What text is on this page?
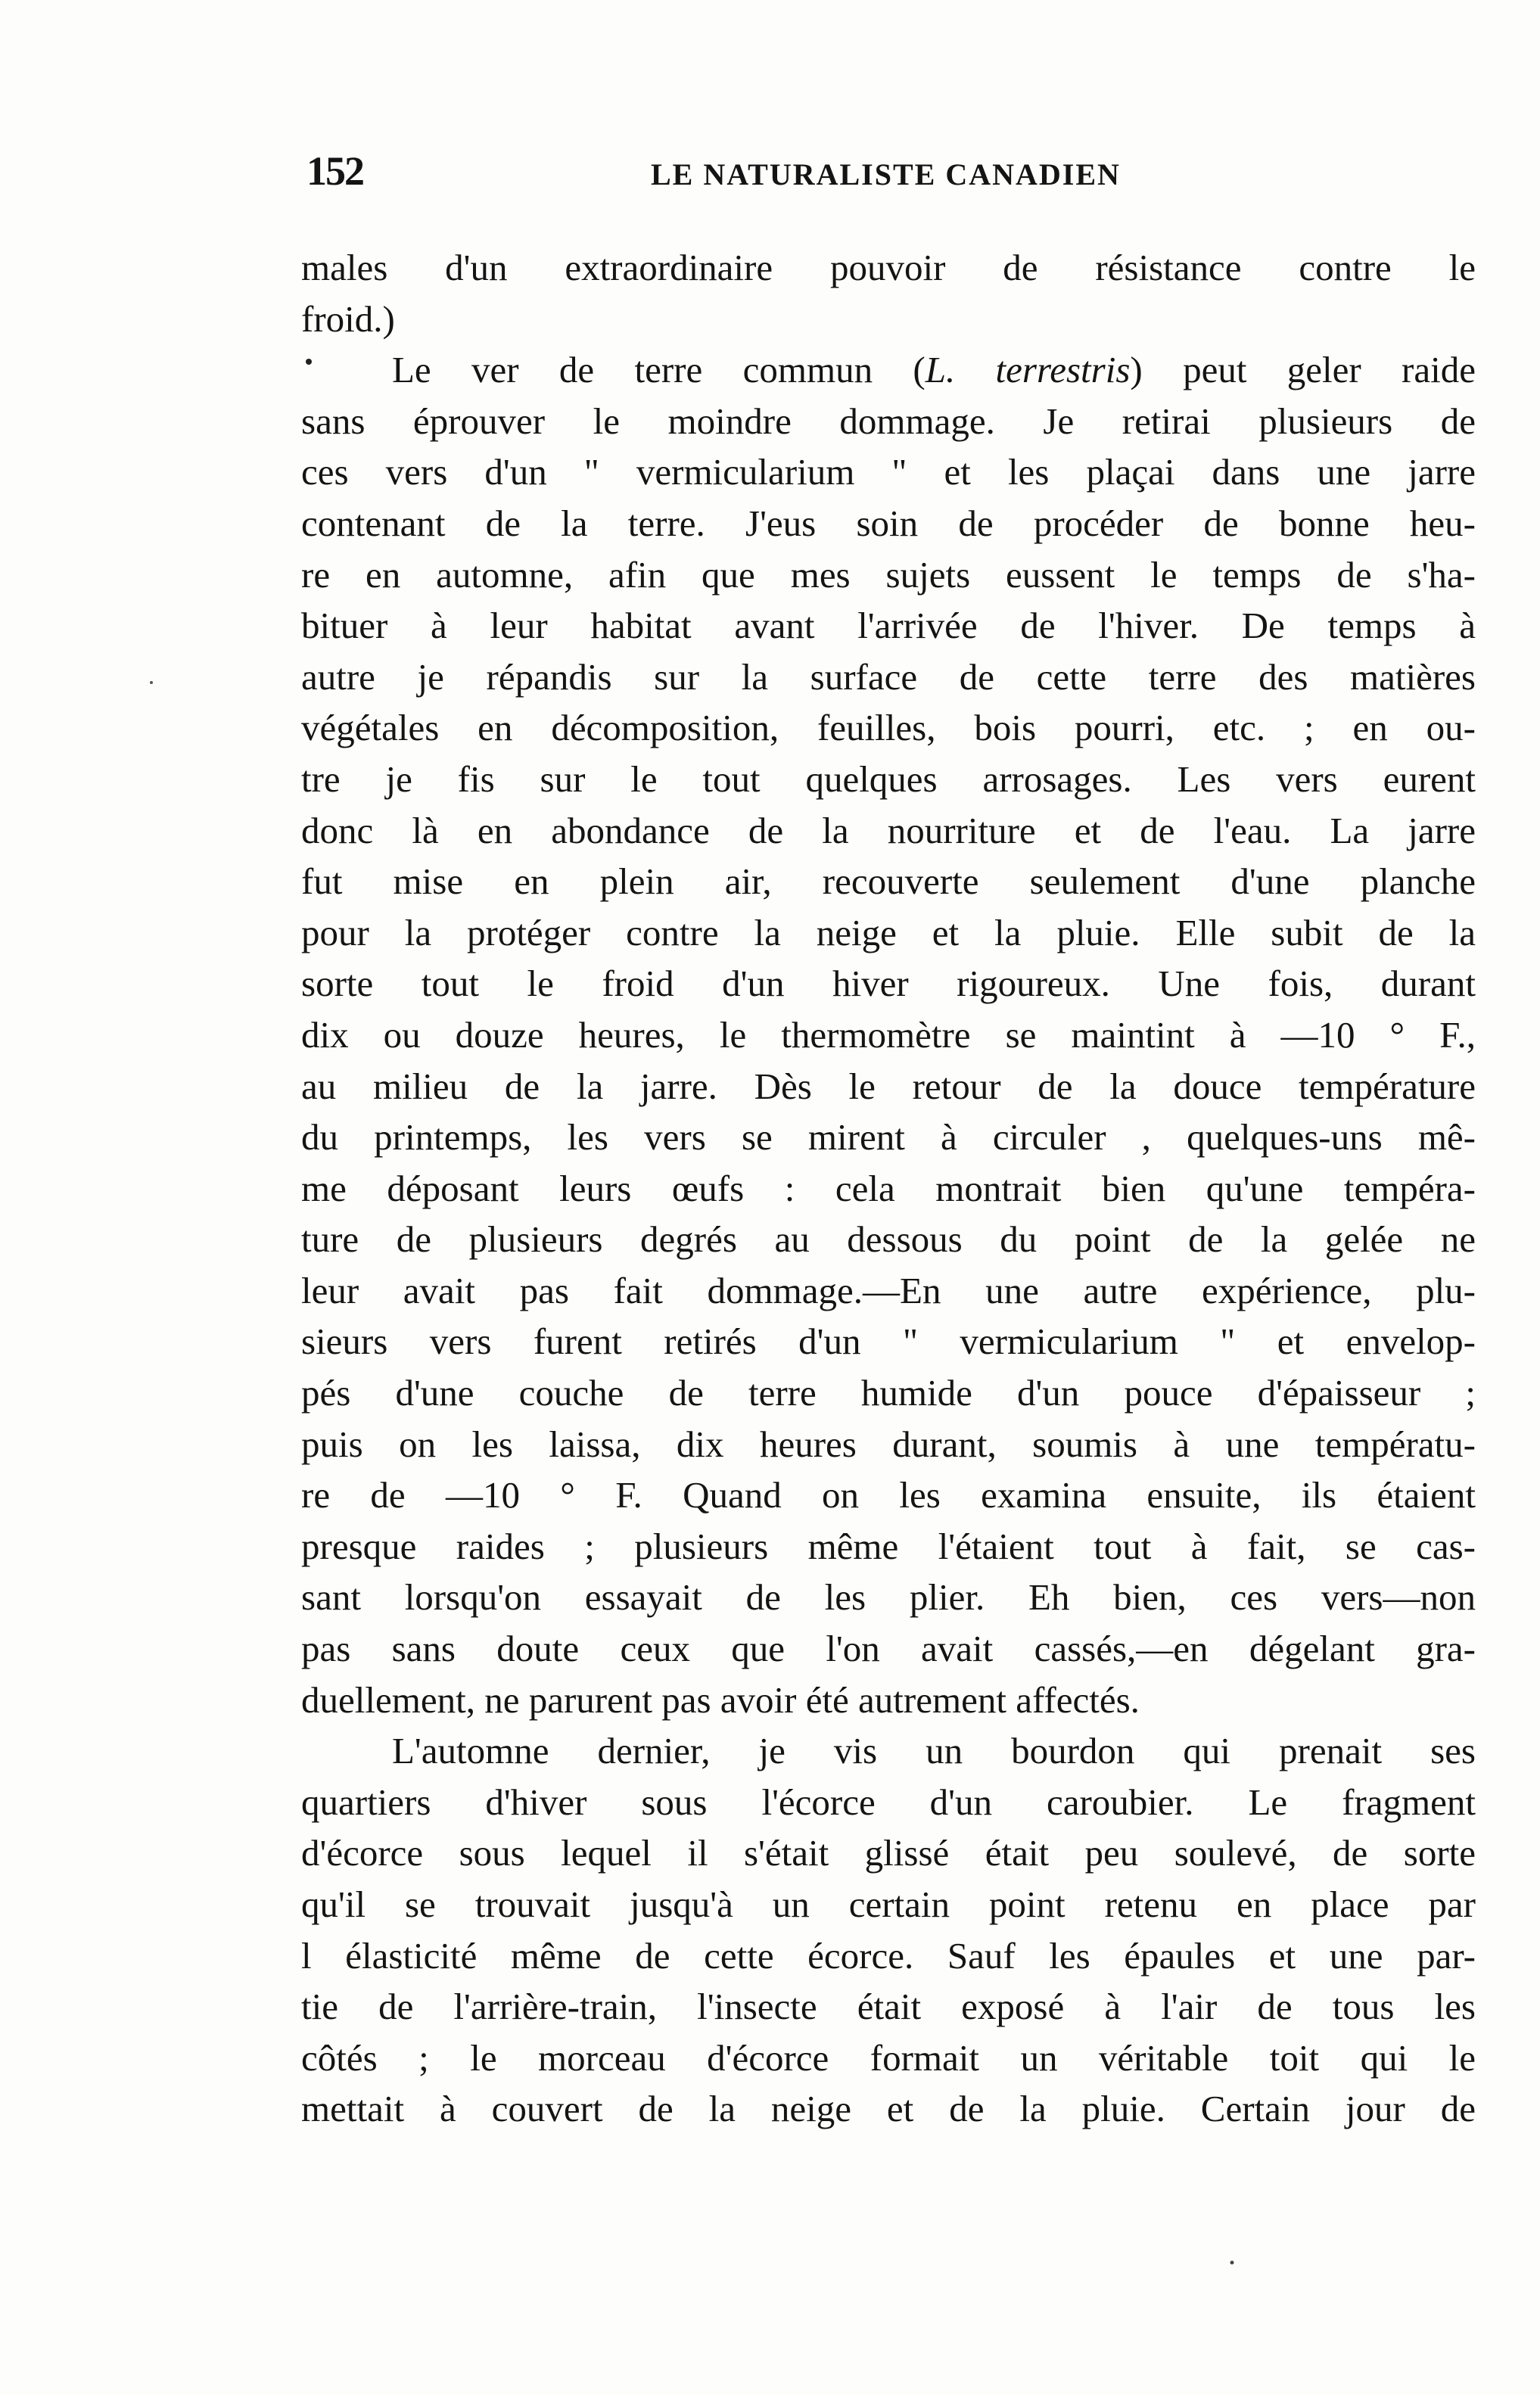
152	LE NATURALISTE CANADIEN
males d'un extraordinaire pouvoir de résistance contre le
froid.)
Le ver de terre commun (L. terrestris) peut geler raide
sans éprouver le moindre dommage. Je retirai plusieurs de
ces vers d'un " vermicularium " et les plaçai dans une jarre
contenant de la terre. J'eus soin de procéder de bonne heu-
re en automne, afin que mes sujets eussent le temps de s'ha-
bituer à leur habitat avant l'arrivée de l'hiver. De temps à
autre je répandis sur la surface de cette terre des matières
végétales en décomposition, feuilles, bois pourri, etc. ; en ou-
tre je fis sur le tout quelques arrosages. Les vers eurent
donc là en abondance de la nourriture et de l'eau. La jarre
fut mise en plein air, recouverte seulement d'une planche
pour la protéger contre la neige et la pluie. Elle subit de la
sorte tout le froid d'un hiver rigoureux. Une fois, durant
dix ou douze heures, le thermomètre se maintint à —10 ° F.,
au milieu de la jarre. Dès le retour de la douce température
du printemps, les vers se mirent à circuler , quelques-uns mê-
me déposant leurs œufs : cela montrait bien qu'une tempéra-
ture de plusieurs degrés au dessous du point de la gelée ne
leur avait pas fait dommage.—En une autre expérience, plu-
sieurs vers furent retirés d'un " vermicularium " et envelop-
pés d'une couche de terre humide d'un pouce d'épaisseur ;
puis on les laissa, dix heures durant, soumis à une températu-
re de —10 ° F. Quand on les examina ensuite, ils étaient
presque raides ; plusieurs même l'étaient tout à fait, se cas-
sant lorsqu'on essayait de les plier. Eh bien, ces vers—non
pas sans doute ceux que l'on avait cassés,—en dégelant gra-
duellement, ne parurent pas avoir été autrement affectés.
L'automne dernier, je vis un bourdon qui prenait ses
quartiers d'hiver sous l'écorce d'un caroubier. Le fragment
d'écorce sous lequel il s'était glissé était peu soulevé, de sorte
qu'il se trouvait jusqu'à un certain point retenu en place par
l élasticité même de cette écorce. Sauf les épaules et une par-
tie de l'arrière-train, l'insecte était exposé à l'air de tous les
côtés ; le morceau d'écorce formait un véritable toit qui le
mettait à couvert de la neige et de la pluie. Certain jour de
